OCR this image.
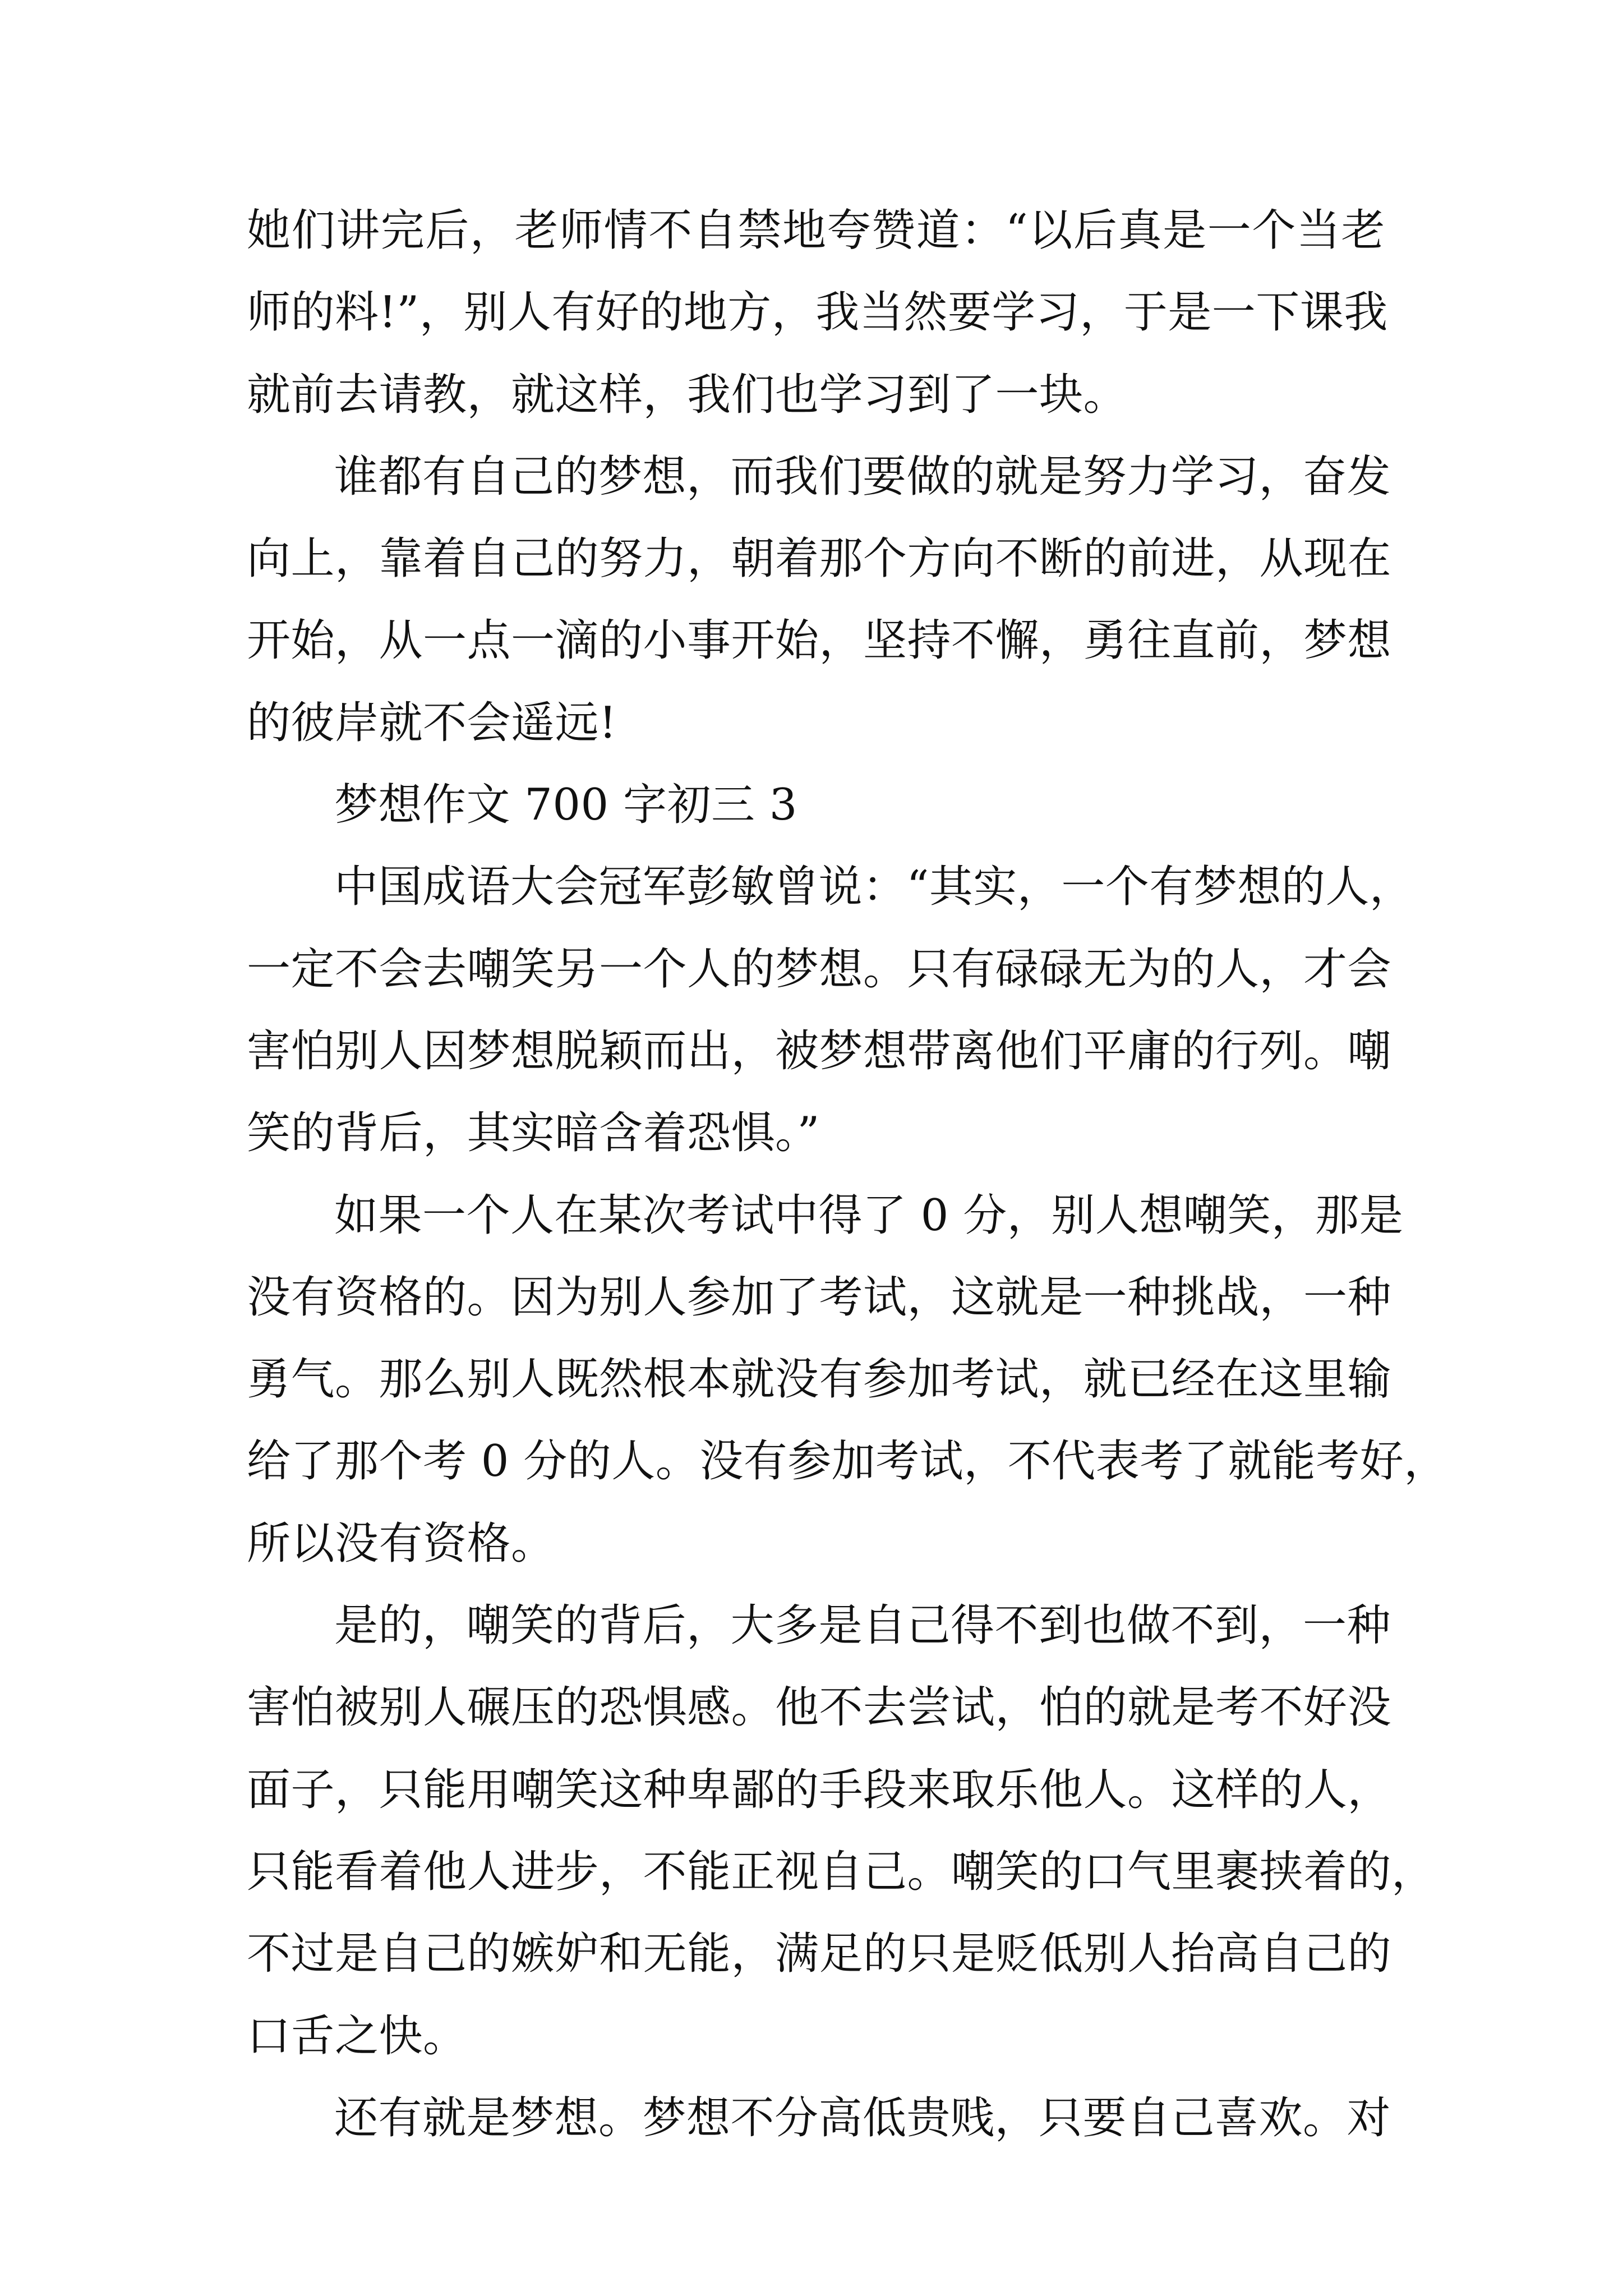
她们讲完后，老师情不自禁地夸赞道：“以后真是一个当老
师的料!”，别人有好的地方，我当然要学习，于是一下课我
就前去请教，就这样，我们也学习到了一块。
谁都有自己的梦想，而我们要做的就是努力学习，奋发
向上，靠着自己的努力，朝着那个方向不断的前进，从现在
开始，从一点一滴的小事开始，坚持不懈，勇往直前，梦想
的彼岸就不会遥远!
梦想作文 700 字初三 3
中国成语大会冠军彭敏曾说：“其实，一个有梦想的人，
一定不会去嘲笑另一个人的梦想。只有碌碌无为的人，才会
害怕别人因梦想脱颖而出，被梦想带离他们平庸的行列。嘲
笑的背后，其实暗含着恐惧。”
如果一个人在某次考试中得了 0 分，别人想嘲笑，那是
没有资格的。因为别人参加了考试，这就是一种挑战，一种
勇气。那么别人既然根本就没有参加考试，就已经在这里输
给了那个考 0 分的人。没有参加考试，不代表考了就能考好，
所以没有资格。
是的，嘲笑的背后，大多是自己得不到也做不到，一种
害怕被别人碾压的恐惧感。他不去尝试，怕的就是考不好没
面子，只能用嘲笑这种卑鄙的手段来取乐他人。这样的人，
只能看着他人进步，不能正视自己。嘲笑的口气里裹挟着的，
不过是自己的嫉妒和无能，满足的只是贬低别人抬高自己的
口舌之快。
还有就是梦想。梦想不分高低贵贱，只要自己喜欢。对
